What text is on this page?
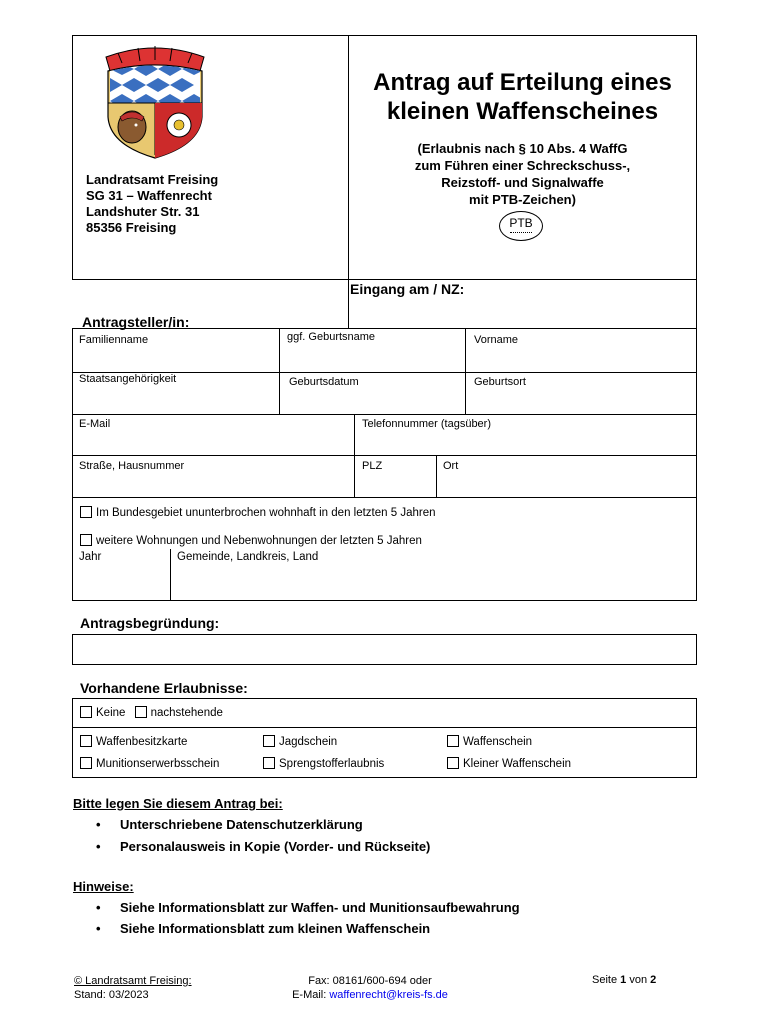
Eingang am / NZ:
Landratsamt Freising
SG 31 – Waffenrecht
Landshuter Str. 31
85356 Freising
Antrag auf Erteilung eines
kleinen Waffenscheines
(Erlaubnis nach § 10 Abs. 4 WaffG
zum Führen einer Schreckschuss-,
Reizstoff- und Signalwaffe
mit PTB-Zeichen)
PTB
Antragsteller/in:
Familienname	ggf. Geburtsname	Vorname
Staatsangehörigkeit	Geburtsdatum	Geburtsort
E-Mail	Telefonnummer (tagsüber)
Straße, Hausnummer	PLZ	Ort
Im Bundesgebiet ununterbrochen wohnhaft in den letzten 5 Jahren
weitere Wohnungen und Nebenwohnungen der letzten 5 Jahren
Jahr	Gemeinde, Landkreis, Land
Antragsbegründung:
Vorhandene Erlaubnisse:
Keine nachstehende
Waffenbesitzkarte	Jagdschein	Waffenschein
Munitionserwerbsschein	Sprengstofferlaubnis	Kleiner Waffenschein
Bitte legen Sie diesem Antrag bei:
• Unterschriebene Datenschutzerklärung
• Personalausweis in Kopie (Vorder- und Rückseite)
Hinweise:
• Siehe Informationsblatt zur Waffen- und Munitionsaufbewahrung
• Siehe Informationsblatt zum kleinen Waffenschein
© Landratsamt Freising:
Stand: 03/2023
Fax: 08161/600-694 oder
E-Mail: waffenrecht@kreis-fs.de
Seite 1 von 2
